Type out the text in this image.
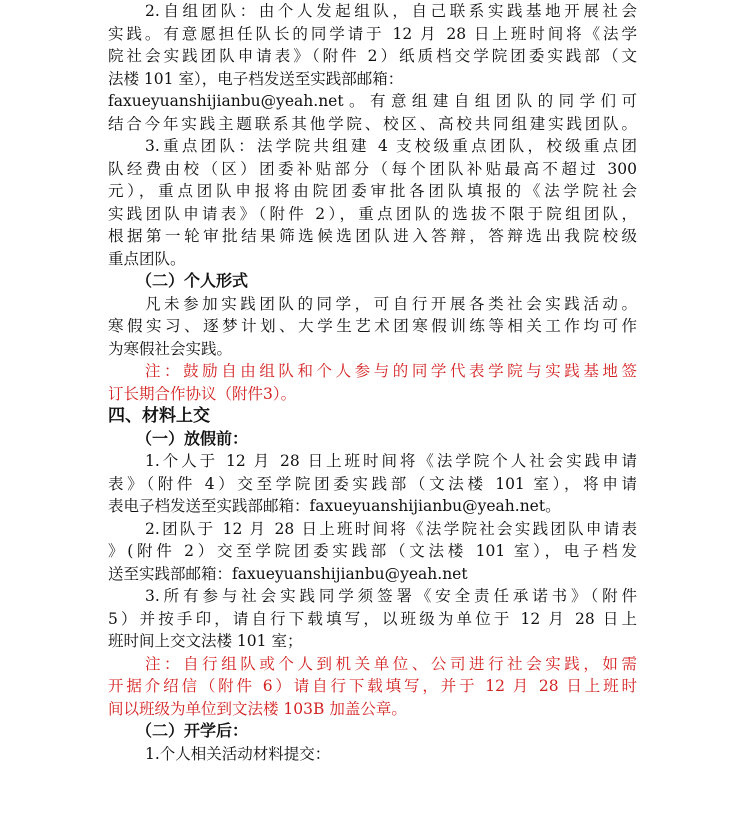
2.自组团队：由个人发起组队，自己联系实践基地开展社会
实践。有意愿担任队长的同学请于 12 月 28 日上班时间将《法学
院社会实践团队申请表》（附件 2）纸质档交学院团委实践部（文
法楼 101 室），电子档发送至实践部邮箱：
faxueyuanshijianbu@yeah.net。有意组建自组团队的同学们可
结合今年实践主题联系其他学院、校区、高校共同组建实践团队。
3.重点团队：法学院共组建 4 支校级重点团队，校级重点团
队经费由校（区）团委补贴部分（每个团队补贴最高不超过 300
元），重点团队申报将由院团委审批各团队填报的《法学院社会
实践团队申请表》（附件 2），重点团队的选拔不限于院组团队，
根据第一轮审批结果筛选候选团队进入答辩，答辩选出我院校级
重点团队。
（二）个人形式
凡未参加实践团队的同学，可自行开展各类社会实践活动。
寒假实习、逐梦计划、大学生艺术团寒假训练等相关工作均可作
为寒假社会实践。
注：鼓励自由组队和个人参与的同学代表学院与实践基地签
订长期合作协议（附件3）。
四、材料上交
（一）放假前：
1.个人于 12 月 28 日上班时间将《法学院个人社会实践申请
表》（附件 4）交至学院团委实践部（文法楼 101 室），将申请
表电子档发送至实践部邮箱：faxueyuanshijianbu@yeah.net。
2.团队于 12 月 28 日上班时间将《法学院社会实践团队申请表
》(附件 2）交至学院团委实践部（文法楼 101 室），电子档发
送至实践部邮箱：faxueyuanshijianbu@yeah.net
3.所有参与社会实践同学须签署《安全责任承诺书》（附件
5）并按手印，请自行下载填写，以班级为单位于 12 月 28 日上
班时间上交文法楼 101 室；
注：自行组队或个人到机关单位、公司进行社会实践，如需
开据介绍信（附件 6）请自行下载填写，并于 12 月 28 日上班时
间以班级为单位到文法楼 103B 加盖公章。
（二）开学后：
1.个人相关活动材料提交：
